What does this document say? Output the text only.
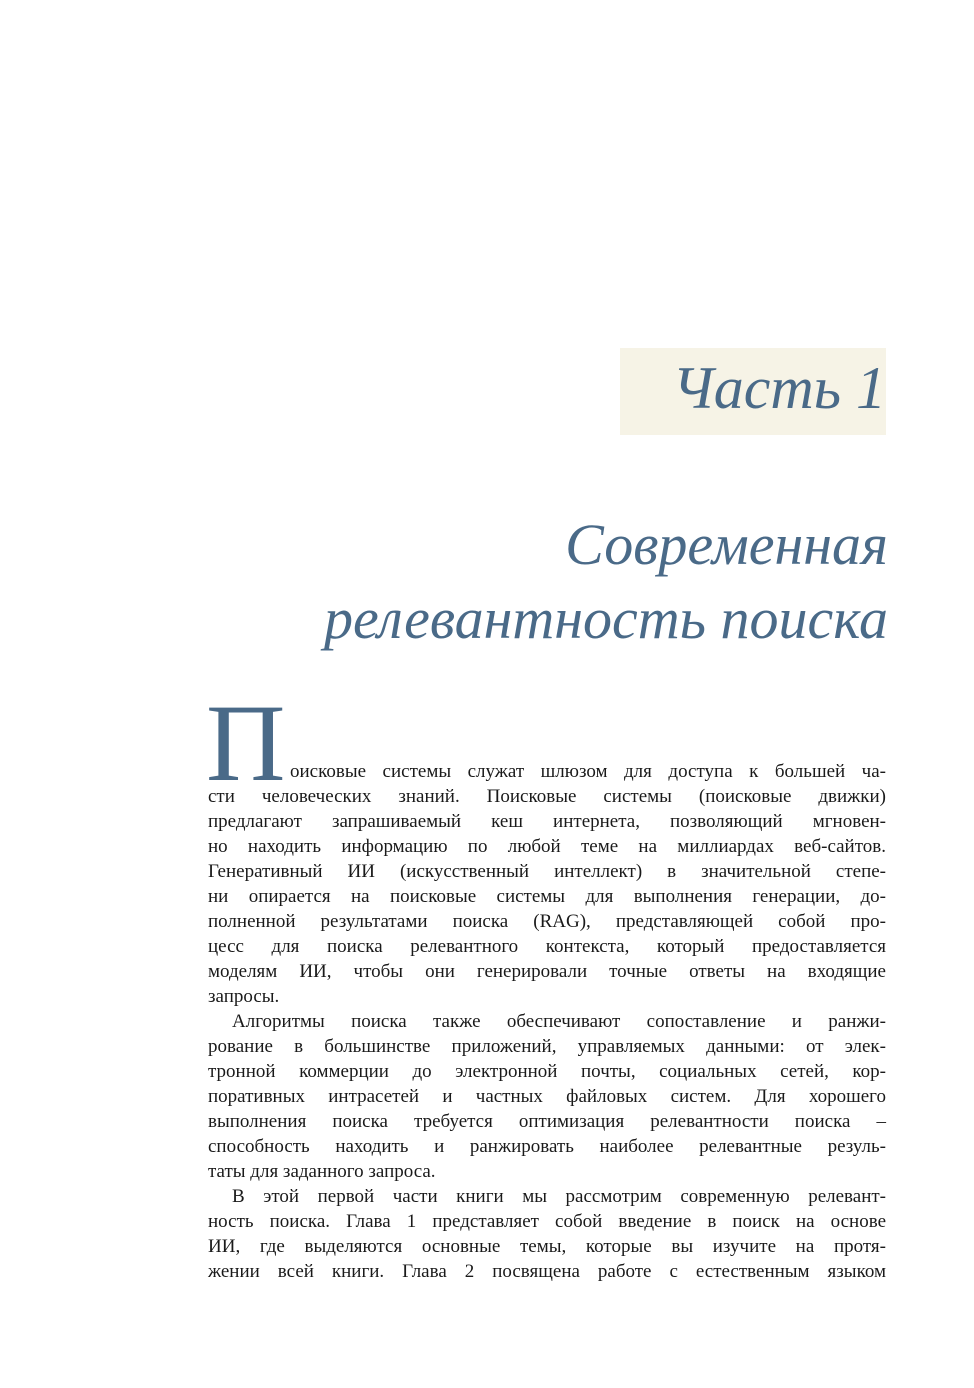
Часть 1
Современная
релевантность поиска
П оисковые системы служат шлюзом для доступа к большей ча-
сти человеческих знаний. Поисковые системы (поисковые движки)
предлагают запрашиваемый кеш интернета, позволяющий мгновен-
но находить информацию по любой теме на миллиардах веб-сайтов.
Генеративный ИИ (искусственный интеллект) в значительной степе-
ни опирается на поисковые системы для выполнения генерации, до-
полненной результатами поиска (RAG), представляющей собой про-
цесс для поиска релевантного контекста, который предоставляется
моделям ИИ, чтобы они генерировали точные ответы на входящие
запросы.
Алгоритмы поиска также обеспечивают сопоставление и ранжи-
рование в большинстве приложений, управляемых данными: от элек-
тронной коммерции до электронной почты, социальных сетей, кор-
поративных интрасетей и частных файловых систем. Для хорошего
выполнения поиска требуется оптимизация релевантности поиска –
способность находить и ранжировать наиболее релевантные резуль-
таты для заданного запроса.
В этой первой части книги мы рассмотрим современную релевант-
ность поиска. Глава 1 представляет собой введение в поиск на основе
ИИ, где выделяются основные темы, которые вы изучите на протя-
жении всей книги. Глава 2 посвящена работе с естественным языком
